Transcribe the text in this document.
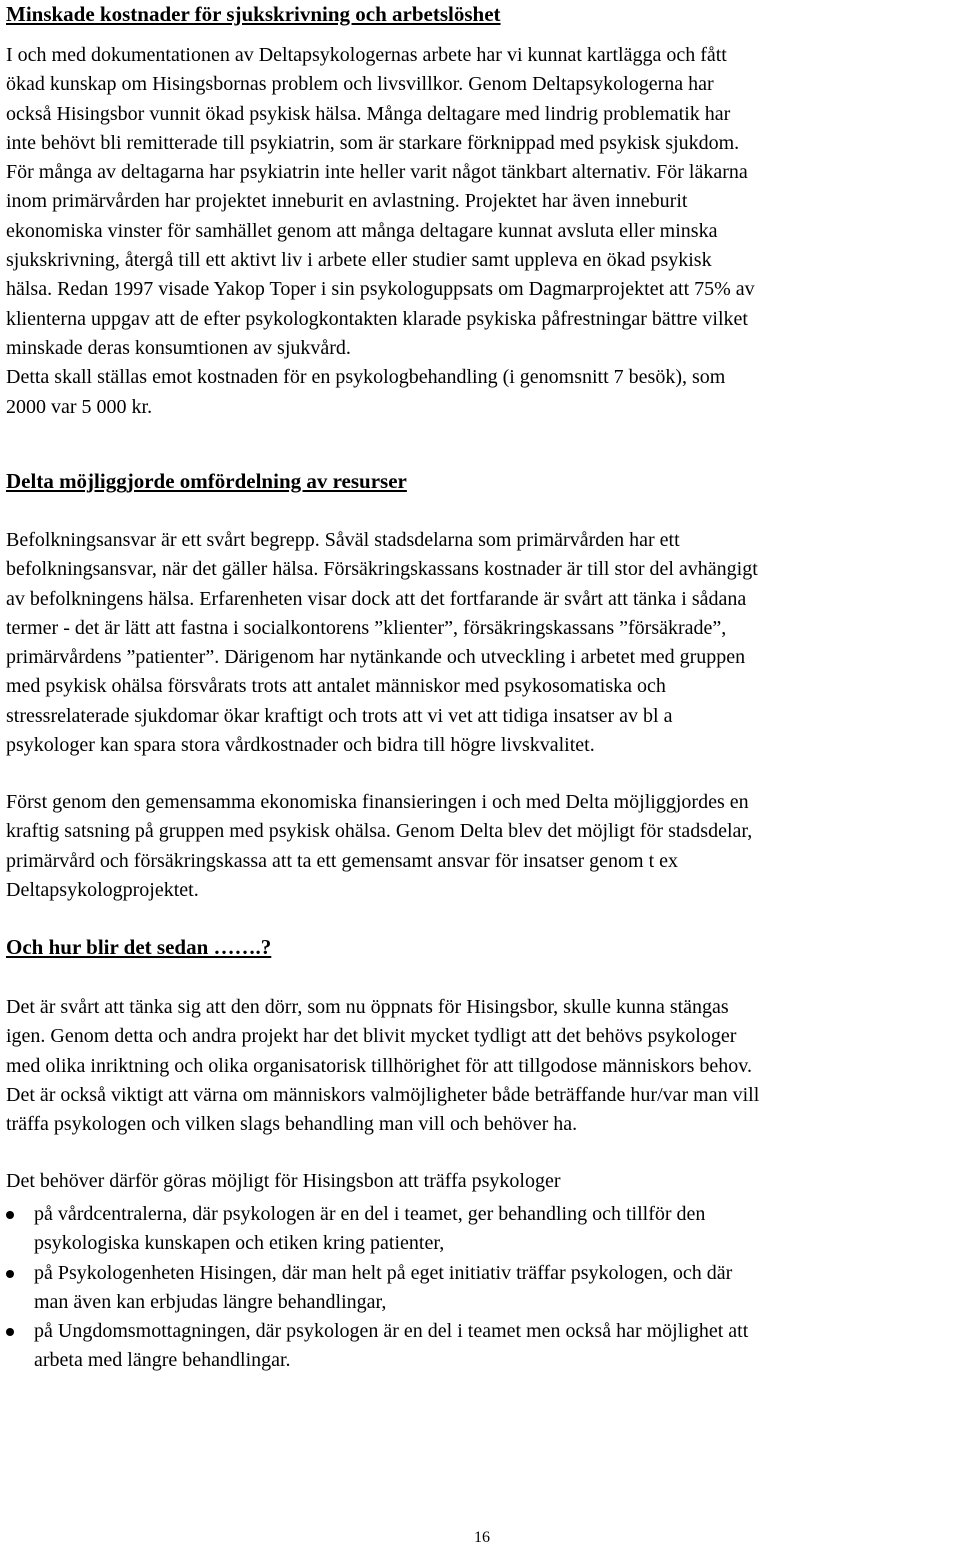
Minskade kostnader för sjukskrivning och arbetslöshet
I och med dokumentationen av Deltapsykologernas arbete har vi kunnat kartlägga och fått
ökad kunskap om Hisingsbornas problem och livsvillkor. Genom Deltapsykologerna har
också Hisingsbor vunnit ökad psykisk hälsa. Många deltagare med lindrig problematik har
inte behövt bli remitterade till psykiatrin, som är starkare förknippad med psykisk sjukdom.
För många av deltagarna har psykiatrin inte heller varit något tänkbart alternativ. För läkarna
inom primärvården har projektet inneburit en avlastning. Projektet har även inneburit
ekonomiska vinster för samhället genom att många deltagare kunnat avsluta eller minska
sjukskrivning, återgå till ett aktivt liv i arbete eller studier samt uppleva en ökad psykisk
hälsa. Redan 1997 visade Yakop Toper i sin psykologuppsats om Dagmarprojektet att 75% av
klienterna uppgav att de efter psykologkontakten klarade psykiska påfrestningar bättre vilket
minskade deras konsumtionen av sjukvård.
Detta skall ställas emot kostnaden för en psykologbehandling (i genomsnitt 7 besök), som
2000 var 5 000 kr.
Delta möjliggjorde omfördelning av resurser
Befolkningsansvar är ett svårt begrepp. Såväl stadsdelarna som primärvården har ett
befolkningsansvar, när det gäller hälsa. Försäkringskassans kostnader är till stor del avhängigt
av befolkningens hälsa. Erfarenheten visar dock att det fortfarande är svårt att tänka i sådana
termer - det är lätt att fastna i socialkontorens ”klienter”, försäkringskassans ”försäkrade”,
primärvårdens ”patienter”. Därigenom har nytänkande och utveckling i arbetet med gruppen
med psykisk ohälsa försvårats trots att antalet människor med psykosomatiska och
stressrelaterade sjukdomar ökar kraftigt och trots att vi vet att tidiga insatser av bl a
psykologer kan spara stora vårdkostnader och bidra till högre livskvalitet.
Först genom den gemensamma ekonomiska finansieringen i och med Delta möjliggjordes en
kraftig satsning på gruppen med psykisk ohälsa. Genom Delta blev det möjligt för stadsdelar,
primärvård och försäkringskassa att ta ett gemensamt ansvar för insatser genom t ex
Deltapsykologprojektet.
Och hur blir det sedan …….?
Det är svårt att tänka sig att den dörr, som nu öppnats för Hisingsbor, skulle kunna stängas
igen. Genom detta och andra projekt har det blivit mycket tydligt att det behövs psykologer
med olika inriktning och olika organisatorisk tillhörighet för att tillgodose människors behov.
Det är också viktigt att värna om människors valmöjligheter både beträffande hur/var man vill
träffa psykologen och vilken slags behandling man vill och behöver ha.
Det behöver därför göras möjligt för Hisingsbon att träffa psykologer
på vårdcentralerna, där psykologen är en del i teamet, ger behandling och tillför den
psykologiska kunskapen och etiken kring patienter,
på Psykologenheten Hisingen, där man helt på eget initiativ träffar psykologen, och där
man även kan erbjudas längre behandlingar,
på Ungdomsmottagningen, där psykologen är en del i teamet men också har möjlighet att
arbeta med längre behandlingar.
16
